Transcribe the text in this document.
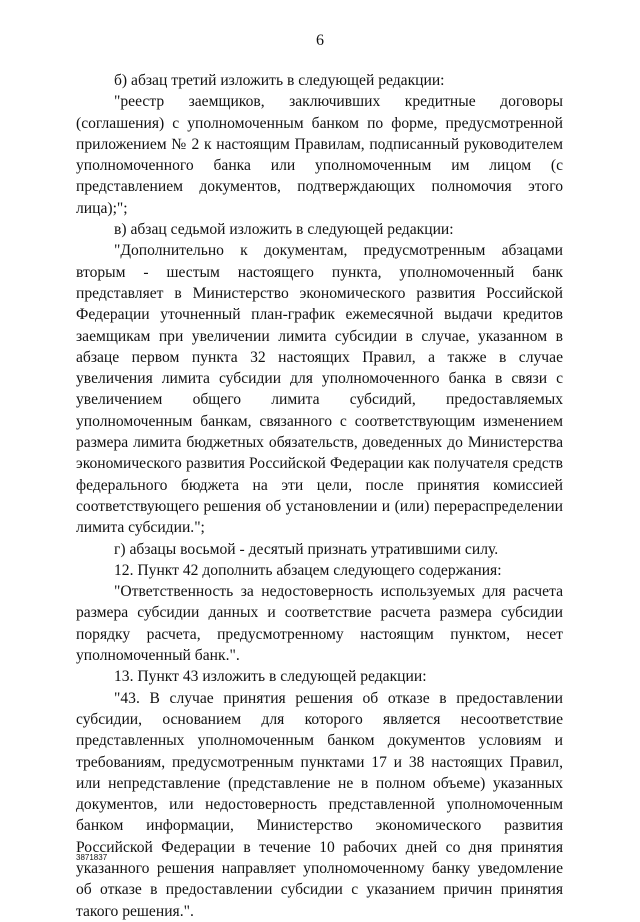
6

б) абзац третий изложить в следующей редакции:

"реестр заемщиков, заключивших кредитные договоры (соглашения) с уполномоченным банком по форме, предусмотренной приложением № 2 к настоящим Правилам, подписанный руководителем уполномоченного банка или уполномоченным им лицом (с представлением документов, подтверждающих полномочия этого лица);";

в) абзац седьмой изложить в следующей редакции:

"Дополнительно к документам, предусмотренным абзацами вторым - шестым настоящего пункта, уполномоченный банк представляет в Министерство экономического развития Российской Федерации уточненный план-график ежемесячной выдачи кредитов заемщикам при увеличении лимита субсидии в случае, указанном в абзаце первом пункта 32 настоящих Правил, а также в случае увеличения лимита субсидии для уполномоченного банка в связи с увеличением общего лимита субсидий, предоставляемых уполномоченным банкам, связанного с соответствующим изменением размера лимита бюджетных обязательств, доведенных до Министерства экономического развития Российской Федерации как получателя средств федерального бюджета на эти цели, после принятия комиссией соответствующего решения об установлении и (или) перераспределении лимита субсидии.";

г) абзацы восьмой - десятый признать утратившими силу.

12. Пункт 42 дополнить абзацем следующего содержания:

"Ответственность за недостоверность используемых для расчета размера субсидии данных и соответствие расчета размера субсидии порядку расчета, предусмотренному настоящим пунктом, несет уполномоченный банк.".

13. Пункт 43 изложить в следующей редакции:

"43. В случае принятия решения об отказе в предоставлении субсидии, основанием для которого является несоответствие представленных уполномоченным банком документов условиям и требованиям, предусмотренным пунктами 17 и 38 настоящих Правил, или непредставление (представление не в полном объеме) указанных документов, или недостоверность представленной уполномоченным банком информации, Министерство экономического развития Российской Федерации в течение 10 рабочих дней со дня принятия указанного решения направляет уполномоченному банку уведомление об отказе в предоставлении субсидии с указанием причин принятия такого решения.".

3871837
